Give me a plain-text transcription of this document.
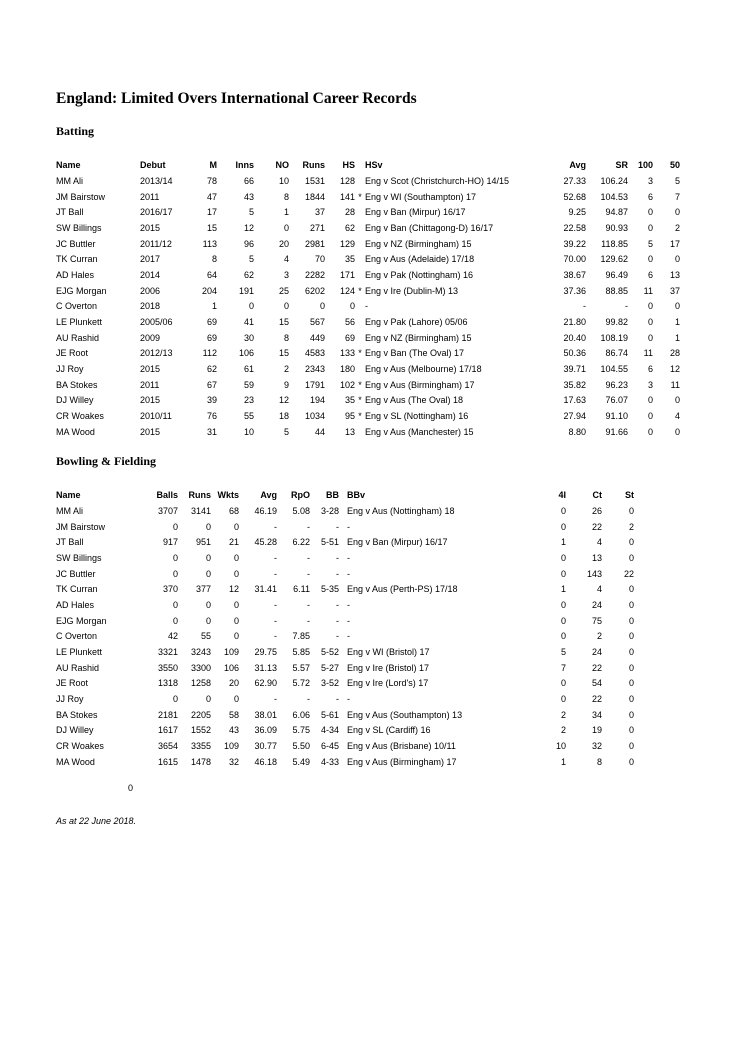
England: Limited Overs International Career Records
Batting
Name	Debut	M	Inns	NO	Runs	HS		HSv	Avg	SR	100	50
MM Ali	2013/14	78	66	10	1531	128		Eng v Scot (Christchurch-HO) 14/15	27.33	106.24	3	5
JM Bairstow	2011	47	43	8	1844	141	*	Eng v WI (Southampton) 17	52.68	104.53	6	7
JT Ball	2016/17	17	5	1	37	28		Eng v Ban (Mirpur) 16/17	9.25	94.87	0	0
SW Billings	2015	15	12	0	271	62		Eng v Ban (Chittagong-D) 16/17	22.58	90.93	0	2
JC Buttler	2011/12	113	96	20	2981	129		Eng v NZ (Birmingham) 15	39.22	118.85	5	17
TK Curran	2017	8	5	4	70	35		Eng v Aus (Adelaide) 17/18	70.00	129.62	0	0
AD Hales	2014	64	62	3	2282	171		Eng v Pak (Nottingham) 16	38.67	96.49	6	13
EJG Morgan	2006	204	191	25	6202	124	*	Eng v Ire (Dublin-M) 13	37.36	88.85	11	37
C Overton	2018	1	0	0	0	0		-	-	-	0	0
LE Plunkett	2005/06	69	41	15	567	56		Eng v Pak (Lahore) 05/06	21.80	99.82	0	1
AU Rashid	2009	69	30	8	449	69		Eng v NZ (Birmingham) 15	20.40	108.19	0	1
JE Root	2012/13	112	106	15	4583	133	*	Eng v Ban (The Oval) 17	50.36	86.74	11	28
JJ Roy	2015	62	61	2	2343	180		Eng v Aus (Melbourne) 17/18	39.71	104.55	6	12
BA Stokes	2011	67	59	9	1791	102	*	Eng v Aus (Birmingham) 17	35.82	96.23	3	11
DJ Willey	2015	39	23	12	194	35	*	Eng v Aus (The Oval) 18	17.63	76.07	0	0
CR Woakes	2010/11	76	55	18	1034	95	*	Eng v SL (Nottingham) 16	27.94	91.10	0	4
MA Wood	2015	31	10	5	44	13		Eng v Aus (Manchester) 15	8.80	91.66	0	0
Bowling & Fielding
Name	Balls	Runs	Wkts	Avg	RpO	BB		BBv	4I	Ct	St
MM Ali	3707	3141	68	46.19	5.08	3-28		Eng v Aus (Nottingham) 18	0	26	0
JM Bairstow	0	0	0	-	-	-		-	0	22	2
JT Ball	917	951	21	45.28	6.22	5-51		Eng v Ban (Mirpur) 16/17	1	4	0
SW Billings	0	0	0	-	-	-		-	0	13	0
JC Buttler	0	0	0	-	-	-		-	0	143	22
TK Curran	370	377	12	31.41	6.11	5-35		Eng v Aus (Perth-PS) 17/18	1	4	0
AD Hales	0	0	0	-	-	-		-	0	24	0
EJG Morgan	0	0	0	-	-	-		-	0	75	0
C Overton	42	55	0	-	7.85	-		-	0	2	0
LE Plunkett	3321	3243	109	29.75	5.85	5-52		Eng v WI (Bristol) 17	5	24	0
AU Rashid	3550	3300	106	31.13	5.57	5-27		Eng v Ire (Bristol) 17	7	22	0
JE Root	1318	1258	20	62.90	5.72	3-52		Eng v Ire (Lord's) 17	0	54	0
JJ Roy	0	0	0	-	-	-		-	0	22	0
BA Stokes	2181	2205	58	38.01	6.06	5-61		Eng v Aus (Southampton) 13	2	34	0
DJ Willey	1617	1552	43	36.09	5.75	4-34		Eng v SL (Cardiff) 16	2	19	0
CR Woakes	3654	3355	109	30.77	5.50	6-45		Eng v Aus (Brisbane) 10/11	10	32	0
MA Wood	1615	1478	32	46.18	5.49	4-33		Eng v Aus (Birmingham) 17	1	8	0
0
As at 22 June 2018.
